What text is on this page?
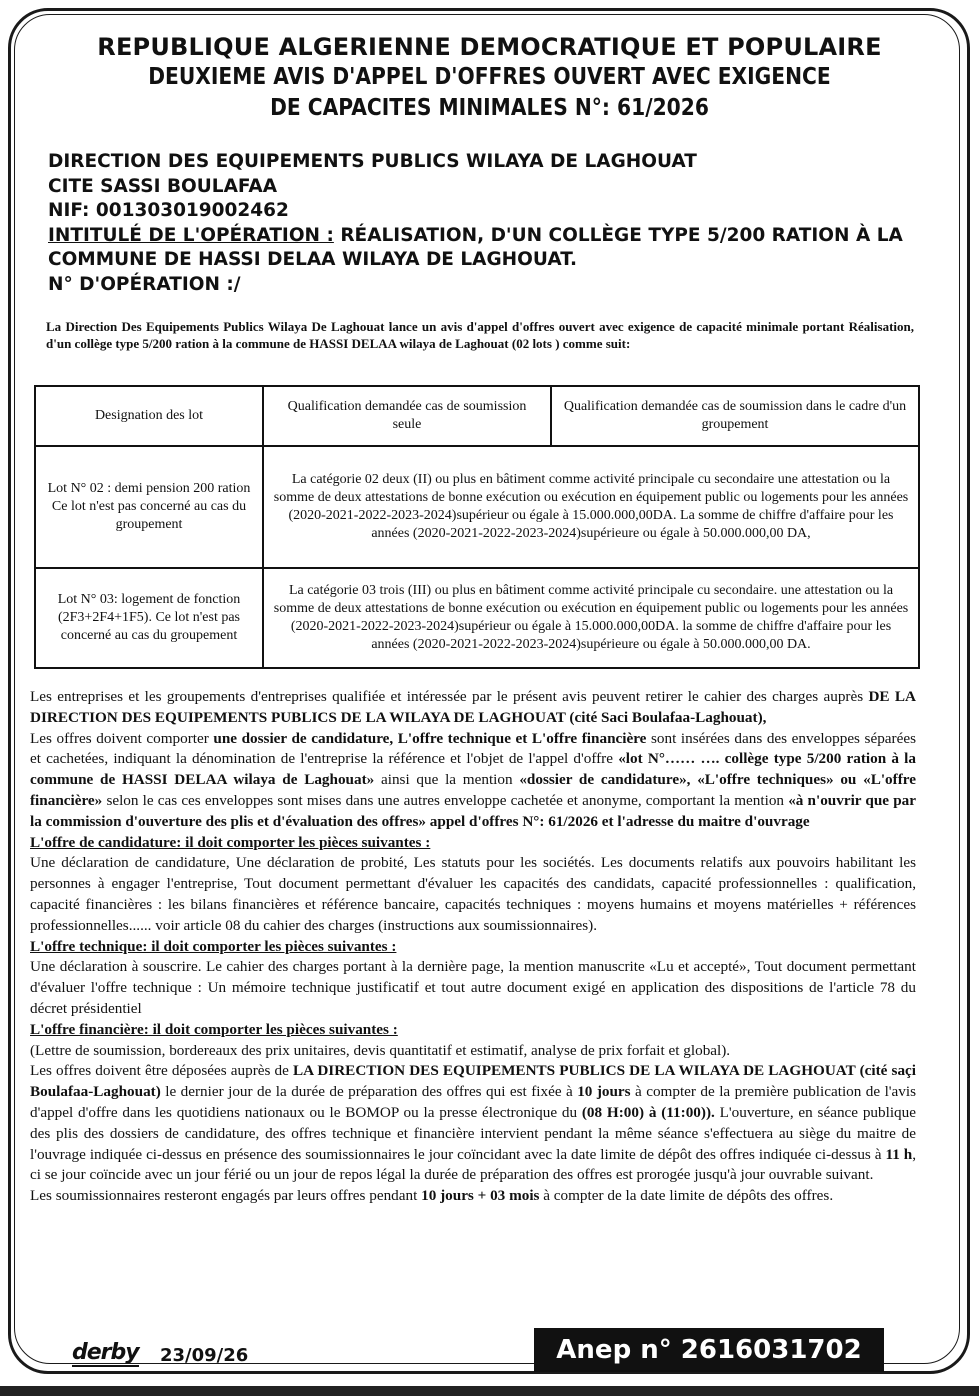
REPUBLIQUE ALGERIENNE DEMOCRATIQUE ET POPULAIRE
DEUXIEME AVIS D'APPEL D'OFFRES OUVERT AVEC EXIGENCE
DE CAPACITES MINIMALES N°: 61/2026
DIRECTION DES EQUIPEMENTS PUBLICS WILAYA DE LAGHOUAT
CITE SASSI BOULAFAA
NIF: 001303019002462
INTITULÉ DE L'OPÉRATION : RÉALISATION, D'UN COLLÈGE TYPE 5/200 RATION À LA COMMUNE DE HASSI DELAA WILAYA DE LAGHOUAT.
N° D'OPÉRATION :/
La Direction Des Equipements Publics Wilaya De Laghouat lance un avis d'appel d'offres ouvert avec exigence de capacité minimale portant Réalisation, d'un collège type 5/200 ration à la commune de HASSI DELAA wilaya de Laghouat (02 lots ) comme suit:
Designation des lot	Qualification demandée cas de soumission seule	Qualification demandée cas de soumission dans le cadre d'un groupement
Lot N° 02 : demi pension 200 ration Ce lot n'est pas concerné au cas du groupement	La catégorie 02 deux (II) ou plus en bâtiment comme activité principale cu secondaire une attestation ou la somme de deux attestations de bonne exécution ou exécution en équipement public ou logements pour les années (2020-2021-2022-2023-2024)supérieur ou égale à 15.000.000,00DA. La somme de chiffre d'affaire pour les années (2020-2021-2022-2023-2024)supérieure ou égale à 50.000.000,00 DA,	
Lot N° 03: logement de fonction (2F3+2F4+1F5). Ce lot n'est pas concerné au cas du groupement	La catégorie 03 trois (III) ou plus en bâtiment comme activité principale cu secondaire. une attestation ou la somme de deux attestations de bonne exécution ou exécution en équipement public ou logements pour les années (2020-2021-2022-2023-2024)supérieur ou égale à 15.000.000,00DA. la somme de chiffre d'affaire pour les années (2020-2021-2022-2023-2024)supérieure ou égale à 50.000.000,00 DA.	

Les entreprises et les groupements d'entreprises qualifiée et intéressée par le présent avis peuvent retirer le cahier des charges auprès DE LA DIRECTION DES EQUIPEMENTS PUBLICS DE LA WILAYA DE LAGHOUAT (cité Saci Boulafaa-Laghouat),

Les offres doivent comporter une dossier de candidature, L'offre technique et L'offre financière sont insérées dans des enveloppes séparées et cachetées, indiquant la dénomination de l'entreprise la référence et l'objet de l'appel d'offre «lot N°…… …. collège type 5/200 ration à la commune de HASSI DELAA wilaya de Laghouat» ainsi que la mention «dossier de candidature», «L'offre techniques» ou «L'offre financière» selon le cas ces enveloppes sont mises dans une autres enveloppe cachetée et anonyme, comportant la mention «à n'ouvrir que par la commission d'ouverture des plis et d'évaluation des offres» appel d'offres N°: 61/2026 et l'adresse du maitre d'ouvrage

L'offre de candidature: il doit comporter les pièces suivantes :

Une déclaration de candidature, Une déclaration de probité, Les statuts pour les sociétés. Les documents relatifs aux pouvoirs habilitant les personnes à engager l'entreprise, Tout document permettant d'évaluer les capacités des candidats, capacité professionnelles : qualification, capacité financières : les bilans financières et référence bancaire, capacités techniques : moyens humains et moyens matérielles + références professionnelles...... voir article 08 du cahier des charges (instructions aux soumissionnaires).

L'offre technique: il doit comporter les pièces suivantes :

Une déclaration à souscrire. Le cahier des charges portant à la dernière page, la mention manuscrite «Lu et accepté», Tout document permettant d'évaluer l'offre technique : Un mémoire technique justificatif et tout autre document exigé en application des dispositions de l'article 78 du décret présidentiel

L'offre financière: il doit comporter les pièces suivantes :

(Lettre de soumission, bordereaux des prix unitaires, devis quantitatif et estimatif, analyse de prix forfait et global).

Les offres doivent être déposées auprès de LA DIRECTION DES EQUIPEMENTS PUBLICS DE LA WILAYA DE LAGHOUAT (cité saçi Boulafaa-Laghouat) le dernier jour de la durée de préparation des offres qui est fixée à 10 jours à compter de la première publication de l'avis d'appel d'offre dans les quotidiens nationaux ou le BOMOP ou la presse électronique du (08 H:00) à (11:00)). L'ouverture, en séance publique des plis des dossiers de candidature, des offres technique et financière intervient pendant la même séance s'effectuera au siège du maitre de l'ouvrage indiquée ci-dessus en présence des soumissionnaires le jour coïncidant avec la date limite de dépôt des offres indiquée ci-dessus à 11 h, ci se jour coïncide avec un jour férié ou un jour de repos légal la durée de préparation des offres est prorogée jusqu'à jour ouvrable suivant.

Les soumissionnaires resteront engagés par leurs offres pendant 10 jours + 03 mois à compter de la date limite de dépôts des offres.

derby 23/09/26	Anep n° 2616031702
